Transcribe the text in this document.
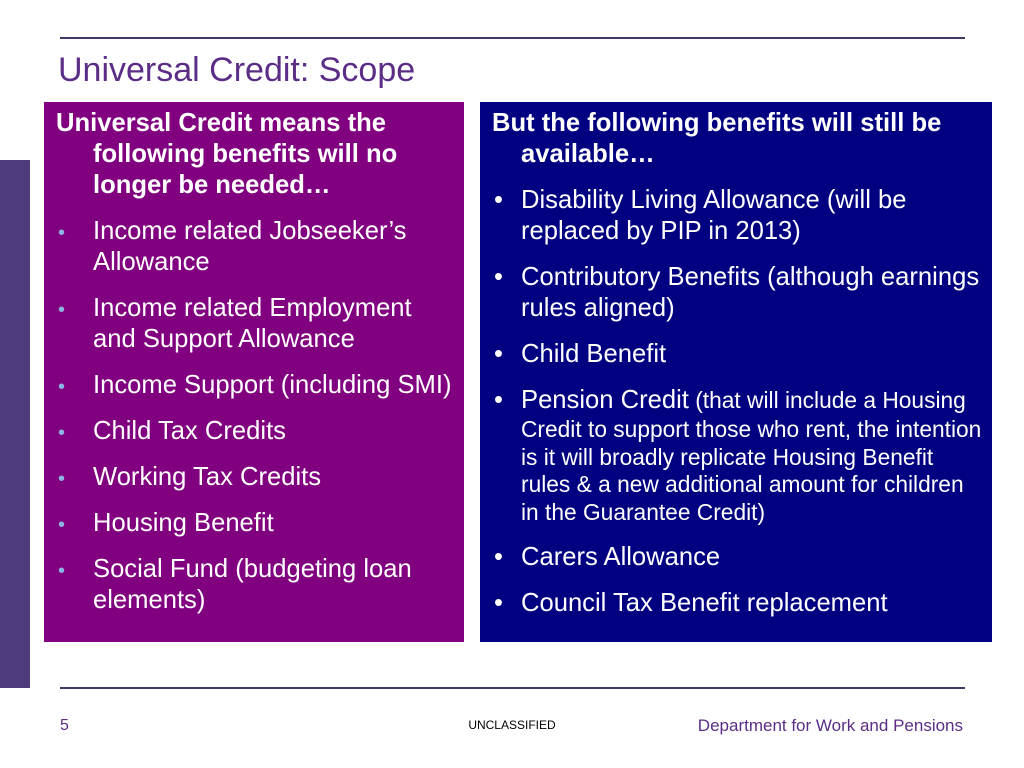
Universal Credit: Scope

Universal Credit means the following benefits will no longer be needed…

• Income related Jobseeker’s Allowance
• Income related Employment and Support Allowance
• Income Support (including SMI)
• Child Tax Credits
• Working Tax Credits
• Housing Benefit
• Social Fund (budgeting loan elements)

But the following benefits will still be available…

• Disability Living Allowance (will be replaced by PIP in 2013)
• Contributory Benefits (although earnings rules aligned)
• Child Benefit
• Pension Credit (that will include a Housing Credit to support those who rent, the intention is it will broadly replicate Housing Benefit rules & a new additional amount for children in the Guarantee Credit)
• Carers Allowance
• Council Tax Benefit replacement
5	UNCLASSIFIED	Department for Work and Pensions
